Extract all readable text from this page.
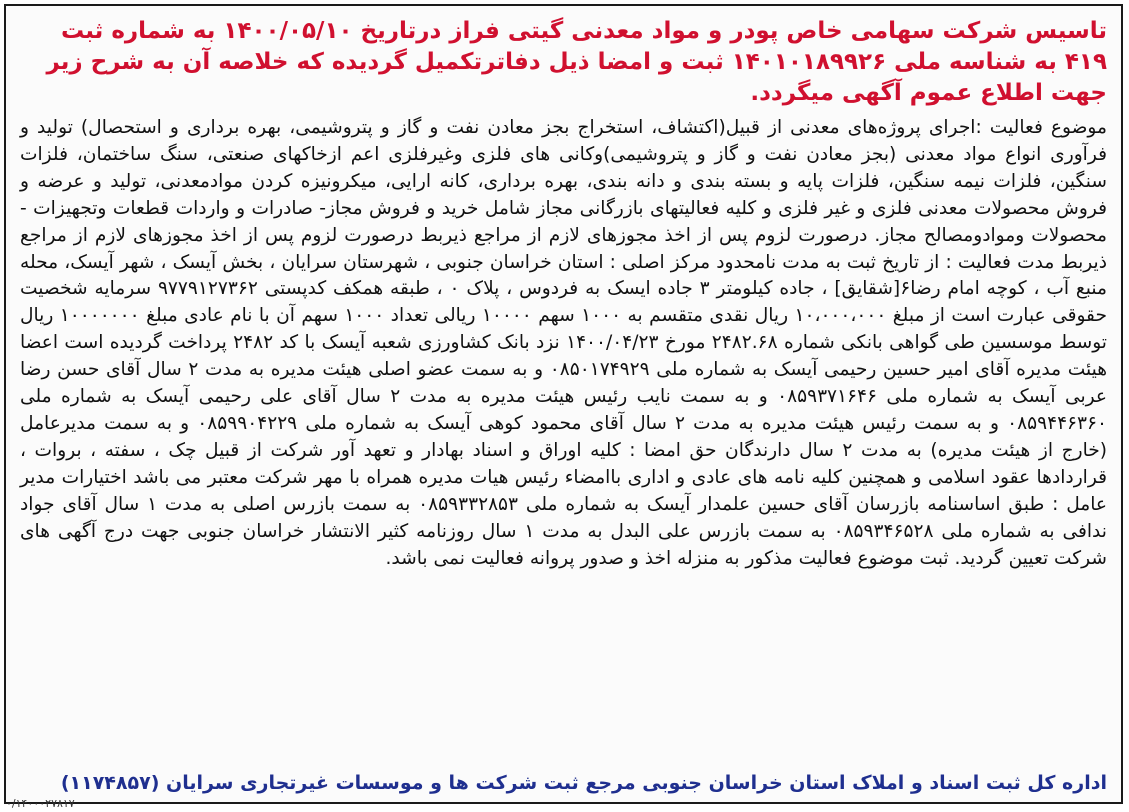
تاسیس شرکت سهامی خاص پودر و مواد معدنی گیتی فراز درتاریخ ۱۴۰۰/۰۵/۱۰ به شماره ثبت ۴۱۹ به شناسه ملی ۱۴۰۱۰۱۸۹۹۲۶ ثبت و امضا ذیل دفاترتکمیل گردیده که خلاصه آن به شرح زیر جهت اطلاع عموم آگهی میگردد.

موضوع فعالیت :اجرای پروژه‌های معدنی از قبیل(اکتشاف، استخراج بجز معادن نفت و گاز و پتروشیمی، بهره برداری و استحصال) تولید و فرآوری انواع مواد معدنی (بجز معادن نفت و گاز و پتروشیمی)وکانی های فلزی وغیرفلزی اعم ازخاکهای صنعتی، سنگ ساختمان، فلزات سنگین، فلزات نیمه سنگین، فلزات پایه و بسته بندی و دانه بندی، بهره برداری، کانه ارایی، میکرونیزه کردن موادمعدنی، تولید و عرضه و فروش محصولات معدنی فلزی و غیر فلزی و کلیه فعالیتهای بازرگانی مجاز شامل خرید و فروش مجاز- صادرات و واردات قطعات وتجهیزات - محصولات وموادومصالح مجاز. درصورت لزوم پس از اخذ مجوزهای لازم از مراجع ذیربط درصورت لزوم پس از اخذ مجوزهای لازم از مراجع ذیربط مدت فعالیت : از تاریخ ثبت به مدت نامحدود مرکز اصلی : استان خراسان جنوبی ، شهرستان سرایان ، بخش آیسک ، شهر آیسک، محله منبع آب ، کوچه امام رضا۶[شقایق] ، جاده کیلومتر ۳ جاده ایسک به فردوس ، پلاک ۰ ، طبقه همکف کدپستی ۹۷۷۹۱۲۷۳۶۲ سرمایه شخصیت حقوقی عبارت است از مبلغ ۱۰،۰۰۰،۰۰۰ ریال نقدی متقسم به ۱۰۰۰ سهم ۱۰۰۰۰ ریالی تعداد ۱۰۰۰ سهم آن با نام عادی مبلغ ۱۰۰۰۰۰۰۰ ریال توسط موسسین طی گواهی بانکی شماره ۲۴۸۲.۶۸ مورخ ۱۴۰۰/۰۴/۲۳ نزد بانک کشاورزی شعبه آیسک با کد ۲۴۸۲ پرداخت گردیده است اعضا هیئت مدیره آقای امیر حسین رحیمی آیسک به شماره ملی ۰۸۵۰۱۷۴۹۲۹ و به سمت عضو اصلی هیئت مدیره به مدت ۲ سال آقای حسن رضا عربی آیسک به شماره ملی ۰۸۵۹۳۷۱۶۴۶ و به سمت نایب رئیس هیئت مدیره به مدت ۲ سال آقای علی رحیمی آیسک به شماره ملی ۰۸۵۹۴۴۶۳۶۰ و به سمت رئیس هیئت مدیره به مدت ۲ سال آقای محمود کوهی آیسک به شماره ملی ۰۸۵۹۹۰۴۲۲۹ و به سمت مدیرعامل (خارج از هیئت مدیره) به مدت ۲ سال دارندگان حق امضا : کلیه اوراق و اسناد بهادار و تعهد آور شرکت از قبیل چک ، سفته ، بروات ، قراردادها عقود اسلامی و همچنین کلیه نامه های عادی و اداری باامضاء رئیس هیات مدیره همراه با مهر شرکت معتبر می باشد اختیارات مدیر عامل : طبق اساسنامه بازرسان آقای حسین علمدار آیسک به شماره ملی ۰۸۵۹۳۳۲۸۵۳ به سمت بازرس اصلی به مدت ۱ سال آقای جواد ندافی به شماره ملی ۰۸۵۹۳۴۶۵۲۸ به سمت بازرس علی البدل به مدت ۱ سال روزنامه کثیر الانتشار خراسان جنوبی جهت درج آگهی های شرکت تعیین گردید. ثبت موضوع فعالیت مذکور به منزله اخذ و صدور پروانه فعالیت نمی باشد.

اداره کل ثبت اسناد و املاک استان خراسان جنوبی مرجع ثبت شرکت ها و موسسات غیرتجاری سرایان (۱۱۷۴۸۵۷)
۰/۱۴۰۰۰۲۷۸۱۷
